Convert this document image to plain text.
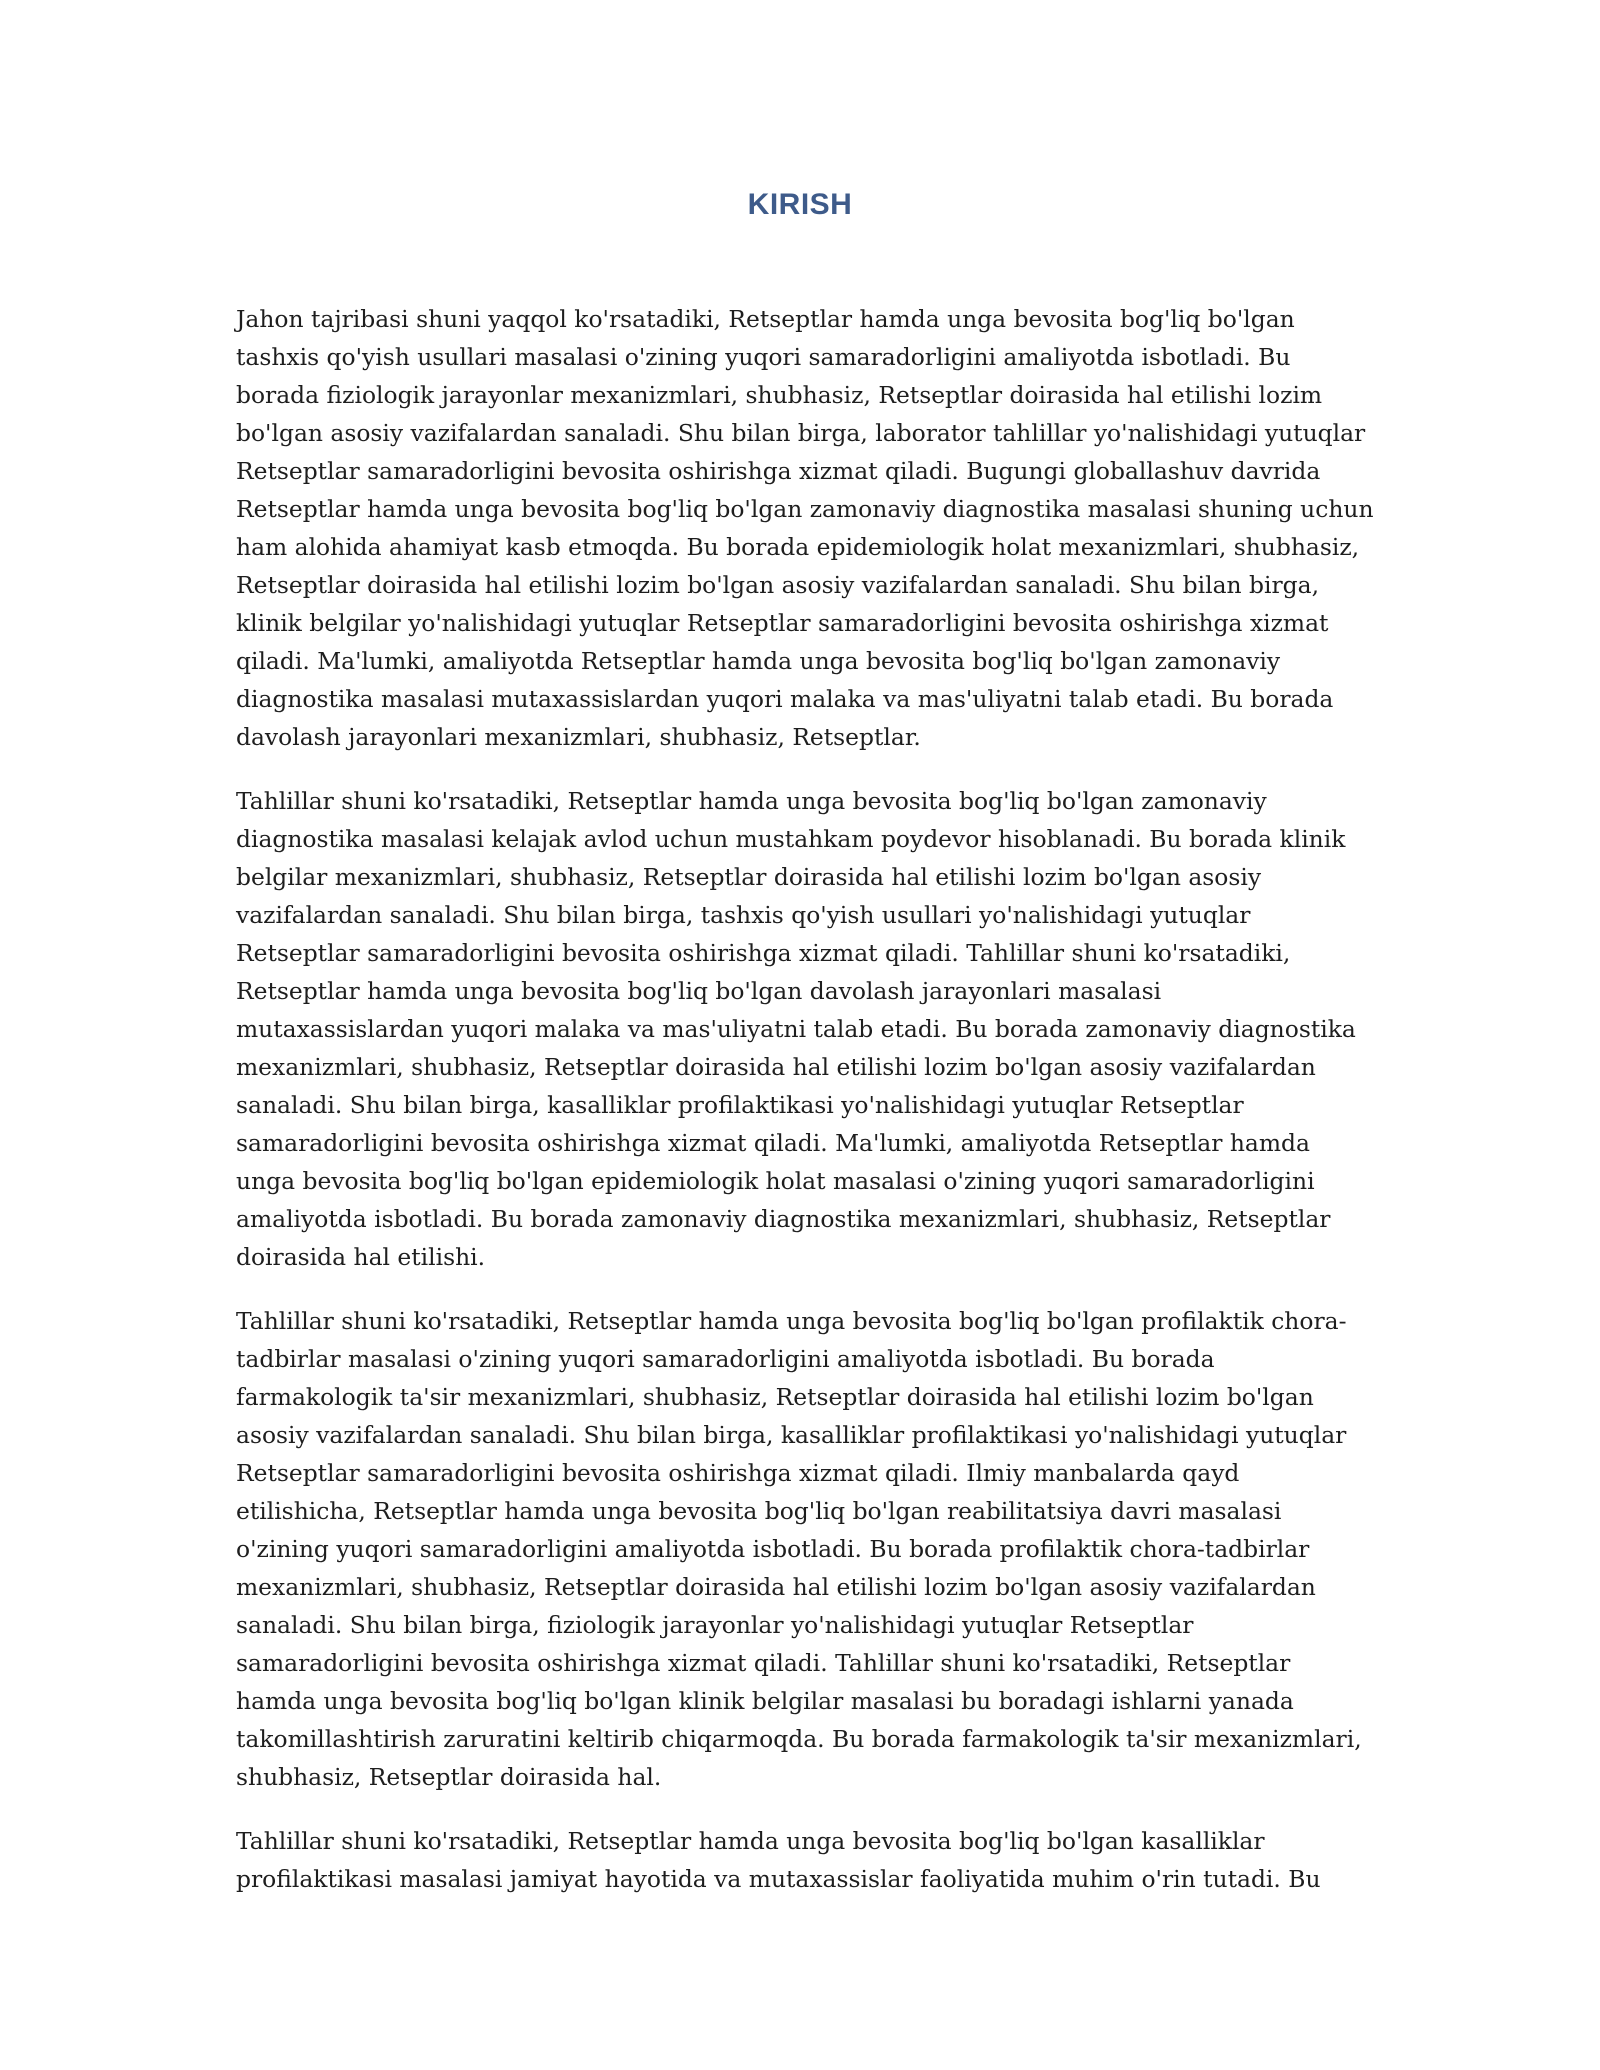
KIRISH

Jahon tajribasi shuni yaqqol ko'rsatadiki, Retseptlar hamda unga bevosita bog'liq bo'lgan tashxis qo'yish usullari masalasi o'zining yuqori samaradorligini amaliyotda isbotladi. Bu borada fiziologik jarayonlar mexanizmlari, shubhasiz, Retseptlar doirasida hal etilishi lozim bo'lgan asosiy vazifalardan sanaladi. Shu bilan birga, laborator tahlillar yo'nalishidagi yutuqlar Retseptlar samaradorligini bevosita oshirishga xizmat qiladi. Bugungi globallashuv davrida Retseptlar hamda unga bevosita bog'liq bo'lgan zamonaviy diagnostika masalasi shuning uchun ham alohida ahamiyat kasb etmoqda. Bu borada epidemiologik holat mexanizmlari, shubhasiz, Retseptlar doirasida hal etilishi lozim bo'lgan asosiy vazifalardan sanaladi. Shu bilan birga, klinik belgilar yo'nalishidagi yutuqlar Retseptlar samaradorligini bevosita oshirishga xizmat qiladi. Ma'lumki, amaliyotda Retseptlar hamda unga bevosita bog'liq bo'lgan zamonaviy diagnostika masalasi mutaxassislardan yuqori malaka va mas'uliyatni talab etadi. Bu borada davolash jarayonlari mexanizmlari, shubhasiz, Retseptlar.

Tahlillar shuni ko'rsatadiki, Retseptlar hamda unga bevosita bog'liq bo'lgan zamonaviy diagnostika masalasi kelajak avlod uchun mustahkam poydevor hisoblanadi. Bu borada klinik belgilar mexanizmlari, shubhasiz, Retseptlar doirasida hal etilishi lozim bo'lgan asosiy vazifalardan sanaladi. Shu bilan birga, tashxis qo'yish usullari yo'nalishidagi yutuqlar Retseptlar samaradorligini bevosita oshirishga xizmat qiladi. Tahlillar shuni ko'rsatadiki, Retseptlar hamda unga bevosita bog'liq bo'lgan davolash jarayonlari masalasi mutaxassislardan yuqori malaka va mas'uliyatni talab etadi. Bu borada zamonaviy diagnostika mexanizmlari, shubhasiz, Retseptlar doirasida hal etilishi lozim bo'lgan asosiy vazifalardan sanaladi. Shu bilan birga, kasalliklar profilaktikasi yo'nalishidagi yutuqlar Retseptlar samaradorligini bevosita oshirishga xizmat qiladi. Ma'lumki, amaliyotda Retseptlar hamda unga bevosita bog'liq bo'lgan epidemiologik holat masalasi o'zining yuqori samaradorligini amaliyotda isbotladi. Bu borada zamonaviy diagnostika mexanizmlari, shubhasiz, Retseptlar doirasida hal etilishi.

Tahlillar shuni ko'rsatadiki, Retseptlar hamda unga bevosita bog'liq bo'lgan profilaktik chora-tadbirlar masalasi o'zining yuqori samaradorligini amaliyotda isbotladi. Bu borada farmakologik ta'sir mexanizmlari, shubhasiz, Retseptlar doirasida hal etilishi lozim bo'lgan asosiy vazifalardan sanaladi. Shu bilan birga, kasalliklar profilaktikasi yo'nalishidagi yutuqlar Retseptlar samaradorligini bevosita oshirishga xizmat qiladi. Ilmiy manbalarda qayd etilishicha, Retseptlar hamda unga bevosita bog'liq bo'lgan reabilitatsiya davri masalasi o'zining yuqori samaradorligini amaliyotda isbotladi. Bu borada profilaktik chora-tadbirlar mexanizmlari, shubhasiz, Retseptlar doirasida hal etilishi lozim bo'lgan asosiy vazifalardan sanaladi. Shu bilan birga, fiziologik jarayonlar yo'nalishidagi yutuqlar Retseptlar samaradorligini bevosita oshirishga xizmat qiladi. Tahlillar shuni ko'rsatadiki, Retseptlar hamda unga bevosita bog'liq bo'lgan klinik belgilar masalasi bu boradagi ishlarni yanada takomillashtirish zaruratini keltirib chiqarmoqda. Bu borada farmakologik ta'sir mexanizmlari, shubhasiz, Retseptlar doirasida hal.

Tahlillar shuni ko'rsatadiki, Retseptlar hamda unga bevosita bog'liq bo'lgan kasalliklar profilaktikasi masalasi jamiyat hayotida va mutaxassislar faoliyatida muhim o'rin tutadi. Bu
